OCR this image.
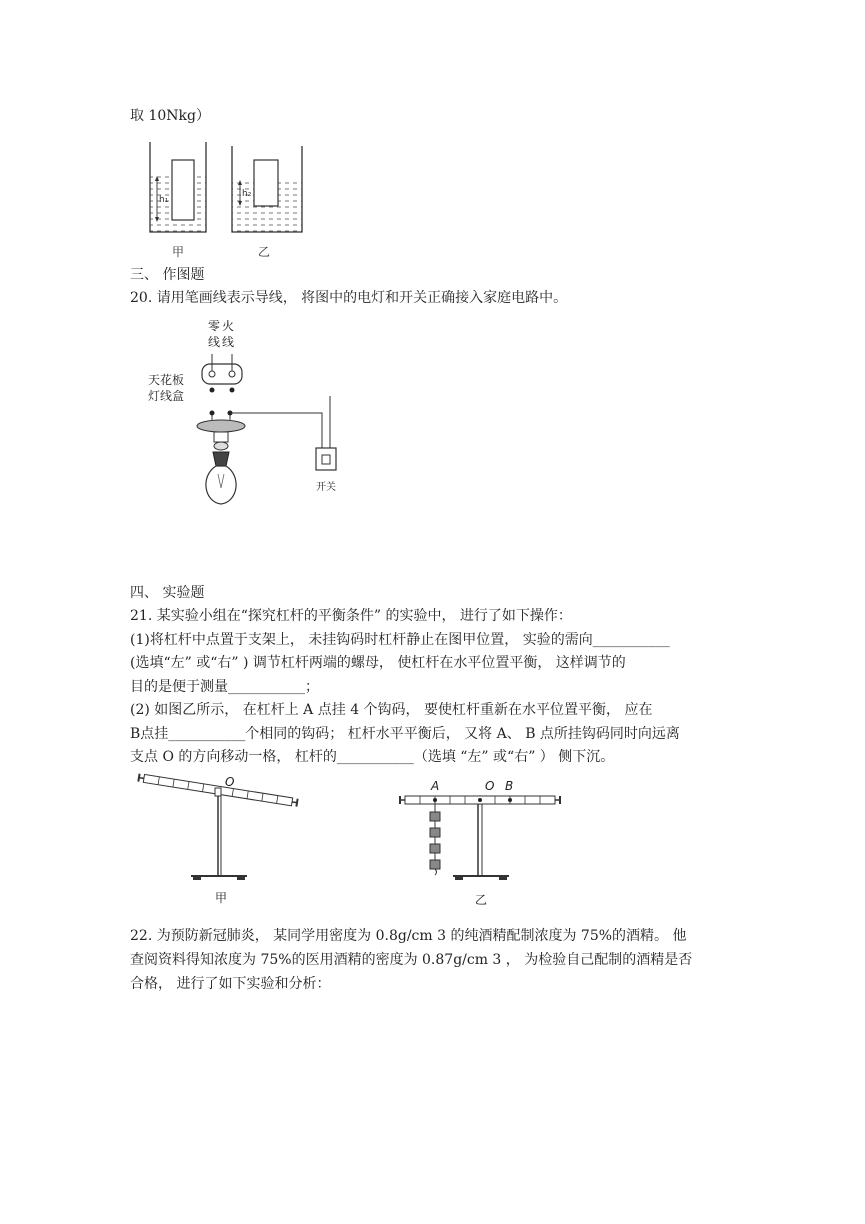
取 10Nkg）
h₁
h₂
甲	乙
三、 作图题
20. 请用笔画线表示导线， 将图中的电灯和开关正确接入家庭电路中。
零 火
线 线
天花板
灯线盒
开关
四、 实验题
21. 某实验小组在“探究杠杆的平衡条件” 的实验中， 进行了如下操作：
(1)将杠杆中点置于支架上， 未挂钩码时杠杆静止在图甲位置， 实验的需向___________
(选填“左” 或“右” ) 调节杠杆两端的螺母， 使杠杆在水平位置平衡， 这样调节的
目的是便于测量___________；
(2) 如图乙所示， 在杠杆上 A 点挂 4 个钩码， 要使杠杆重新在水平位置平衡， 应在
B点挂___________个相同的钩码； 杠杆水平平衡后， 又将 A、 B 点所挂钩码同时向远离
支点 O 的方向移动一格， 杠杆的___________（选填 “左” 或“右” ） 侧下沉。
O
甲
A	O B
乙
22. 为预防新冠肺炎， 某同学用密度为 0.8g/cm 3 的纯酒精配制浓度为 75%的酒精。 他
查阅资料得知浓度为 75%的医用酒精的密度为 0.87g/cm 3 ， 为检验自己配制的酒精是否
合格， 进行了如下实验和分析：
